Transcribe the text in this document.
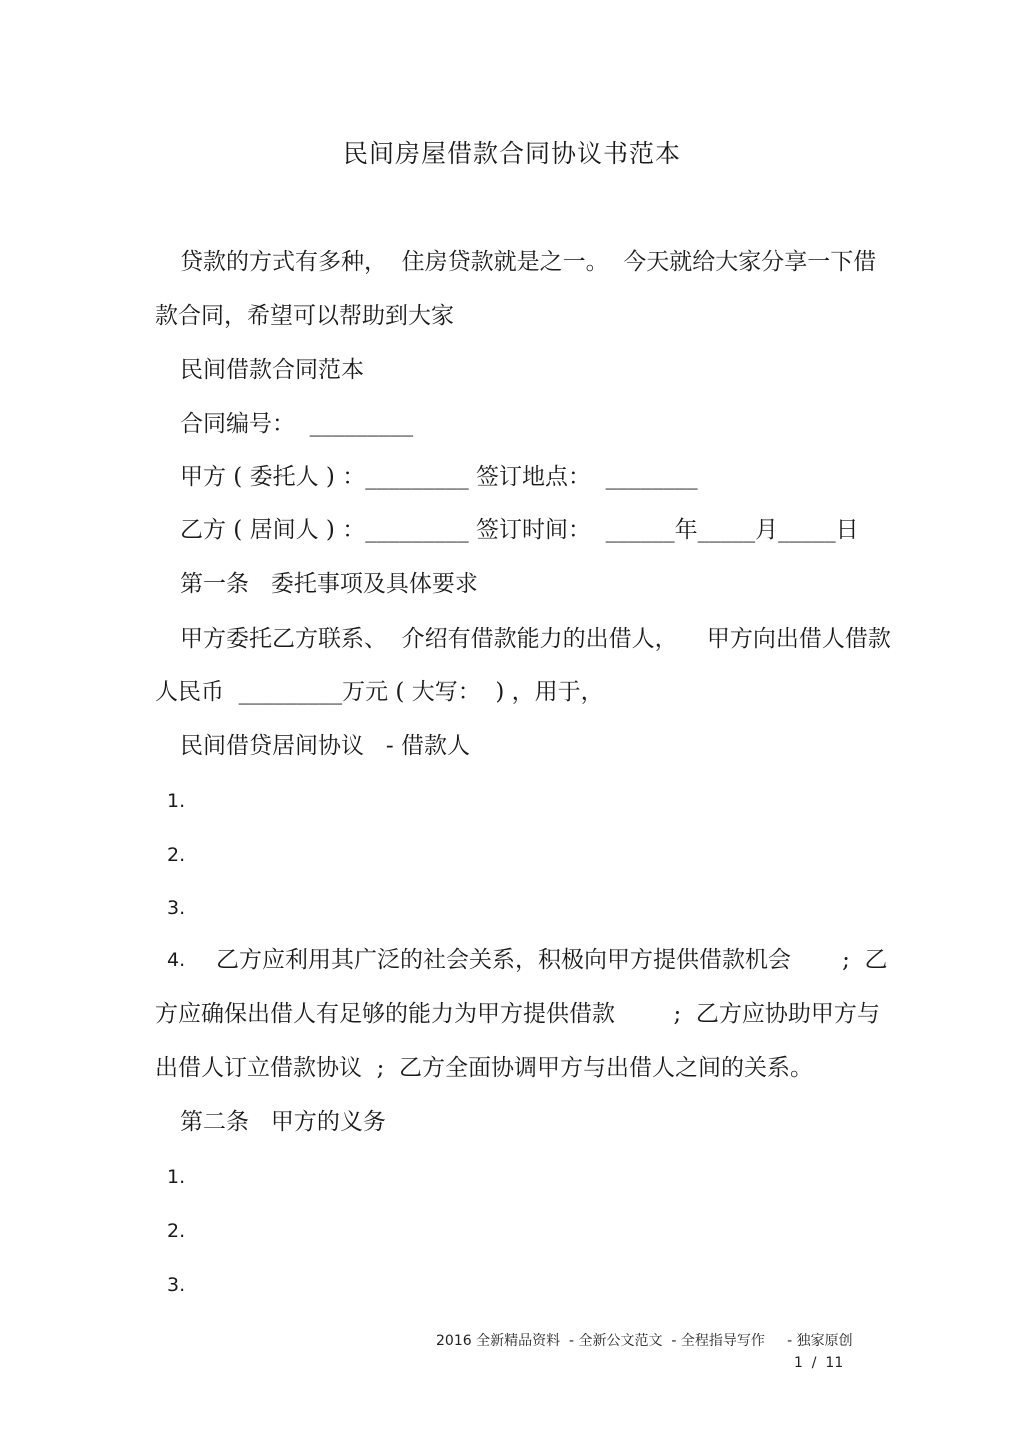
民间房屋借款合同协议书范本
贷款的方式有多种，  住房贷款就是之一。  今天就给大家分享一下借
款合同，希望可以帮助到大家
民间借款合同范本
合同编号：  _________
甲方 ( 委托人 ) ：_________ 签订地点：  ________
乙方 ( 居间人 ) ：_________ 签订时间：  ______年_____月_____日
第一条   委托事项及具体要求
甲方委托乙方联系、  介绍有借款能力的出借人，    甲方向出借人借款
人民币  _________万元 ( 大写：  ) ，用于，
民间借贷居间协议   - 借款人
1.
2.
3.
4. 乙方应利用其广泛的社会关系，积极向甲方提供借款机会       ;  乙
方应确保出借人有足够的能力为甲方提供借款        ;  乙方应协助甲方与
出借人订立借款协议  ;  乙方全面协调甲方与出借人之间的关系。
第二条   甲方的义务
1.
2.
3.
2016 全新精品资料  - 全新公文范文  - 全程指导写作     - 独家原创
1  /  11
